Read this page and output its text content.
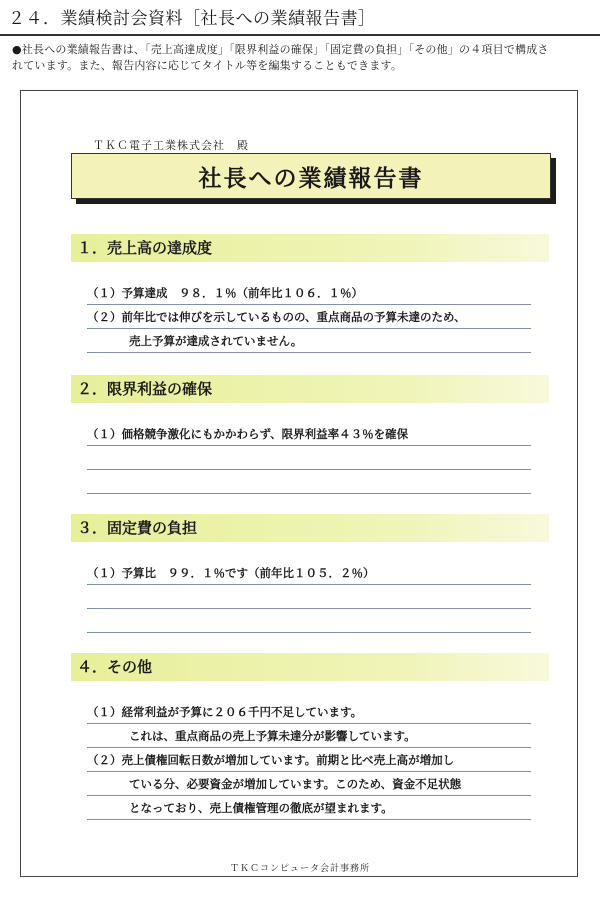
２４．業績検討会資料［社長への業績報告書］
●社長への業績報告書は、「売上高達成度」「限界利益の確保」「固定費の負担」「その他」の４項目で構成さ
れています。また、報告内容に応じてタイトル等を編集することもできます。
ＴＫＣ電子工業株式会社　殿
社長への業績報告書
１．売上高の達成度
（１）予算達成　９８．１％（前年比１０６．１％）
（２）前年比では伸びを示しているものの、重点商品の予算未達のため、
売上予算が達成されていません。
２．限界利益の確保
（１）価格競争激化にもかかわらず、限界利益率４３％を確保
３．固定費の負担
（１）予算比　９９．１％です（前年比１０５．２％）
４．その他
（１）経常利益が予算に２０６千円不足しています。
これは、重点商品の売上予算未達分が影響しています。
（２）売上債権回転日数が増加しています。前期と比べ売上高が増加し
ている分、必要資金が増加しています。このため、資金不足状態
となっており、売上債権管理の徹底が望まれます。
ＴＫＣコンピュータ会計事務所
